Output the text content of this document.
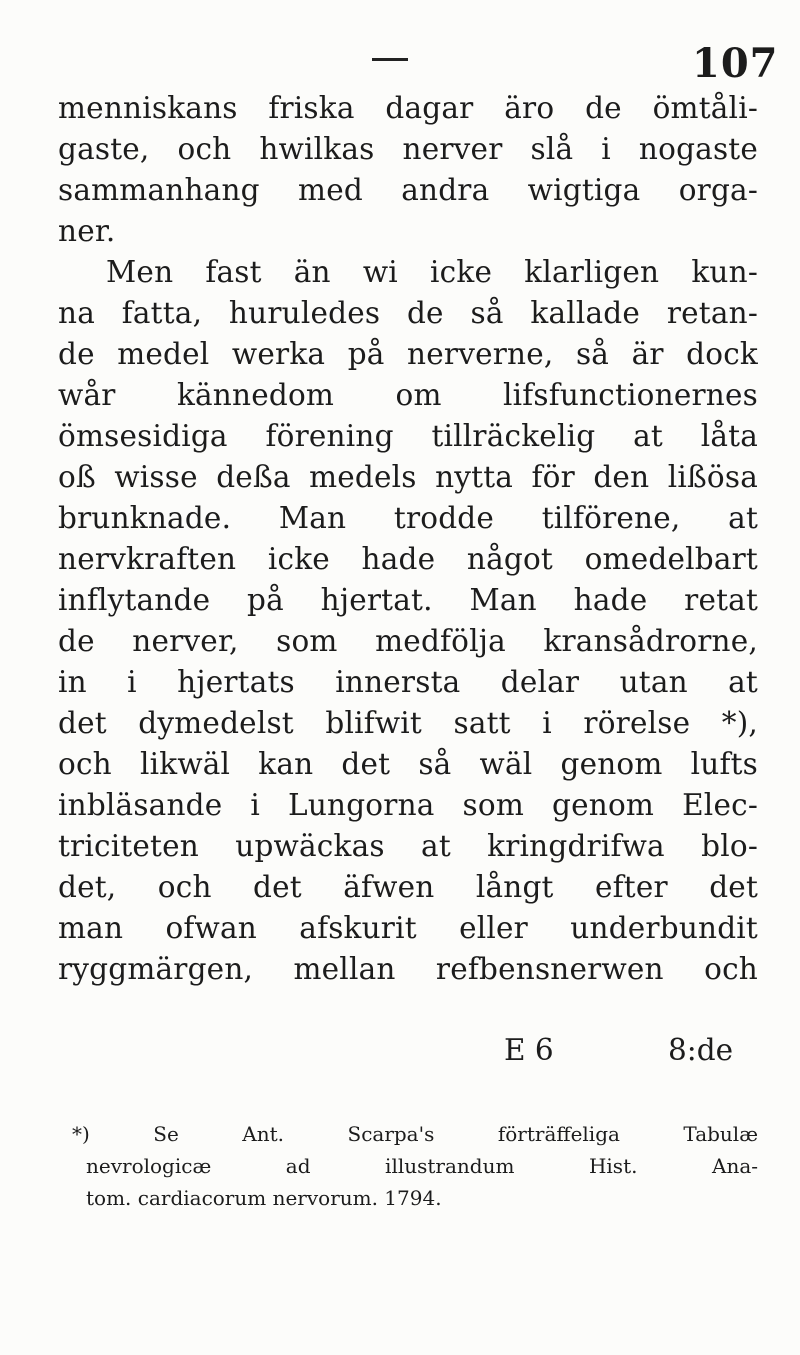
107
menniskans friska dagar äro de ömtåli-
gaste, och hwilkas nerver slå i nogaste
sammanhang med andra wigtiga orga-
ner.
Men fast än wi icke klarligen kun-
na fatta, huruledes de så kallade retan-
de medel werka på nerverne, så är dock
wår kännedom om lifsfunctionernes
ömsesidiga förening tillräckelig at låta
oß wisse deßa medels nytta för den lißösa
brunknade. Man trodde tilförene, at
nervkraften icke hade något omedelbart
inflytande på hjertat. Man hade retat
de nerver, som medfölja kransådrorne,
in i hjertats innersta delar utan at
det dymedelst blifwit satt i rörelse *),
och likwäl kan det så wäl genom lufts
inbläsande i Lungorna som genom Elec-
triciteten upwäckas at kringdrifwa blo-
det, och det äfwen långt efter det
man ofwan afskurit eller underbundit
ryggmärgen, mellan refbensnerwen och
E 6	8:de
*) Se Ant. Scarpa's förträffeliga Tabulæ
nevrologicæ ad illustrandum Hist. Ana-
tom. cardiacorum nervorum. 1794.
